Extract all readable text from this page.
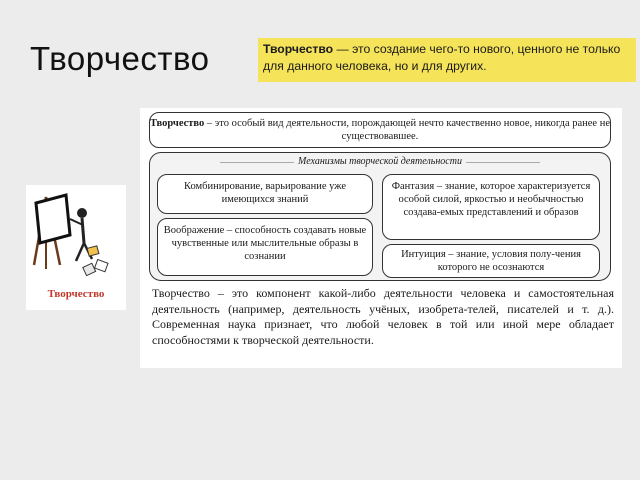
Творчество	Творчество — это создание чего-то нового, ценного не только для данного человека, но и для других.
Творчество
Творчество – это особый вид деятельности, порождающей нечто качественно новое, никогда ранее не существовавшее.
Механизмы творческой деятельности
Комбинирование, варьирование уже имеющихся знаний
Воображение – способность создавать новые чувственные или мыслительные образы в сознании
Фантазия – знание, которое характеризуется особой силой, яркостью и необычностью создава-емых представлений и образов
Интуиция – знание, условия полу-чения которого не осознаются
Творчество – это компонент какой-либо деятельности человека и самостоятельная деятельность (например, деятельность учёных, изобрета-телей, писателей и т. д.). Современная наука признает, что любой человек в той или иной мере обладает способностями к творческой деятельности.
